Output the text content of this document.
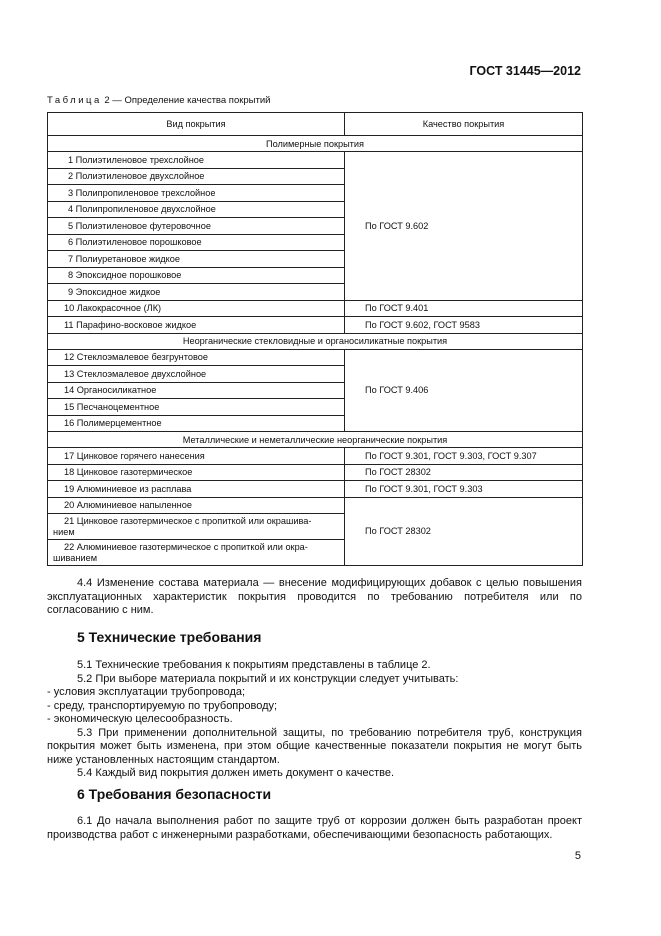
ГОСТ 31445—2012
Таблица 2 — Определение качества покрытий
Вид покрытия	Качество покрытия
Полимерные покрытия	
1 Полиэтиленовое трехслойное	По ГОСТ 9.602
2 Полиэтиленовое двухслойное	
3 Полипропиленовое трехслойное	
4 Полипропиленовое двухслойное	
5 Полиэтиленовое футеровочное	
6 Полиэтиленовое порошковое	
7 Полиуретановое жидкое	
8 Эпоксидное порошковое	
9 Эпоксидное жидкое	
10 Лакокрасочное (ЛК)	По ГОСТ 9.401
11 Парафино-восковое жидкое	По ГОСТ 9.602, ГОСТ 9583
Неорганические стекловидные и органосиликатные покрытия	
12 Стеклоэмалевое безгрунтовое	По ГОСТ 9.406
13 Стеклоэмалевое двухслойное	
14 Органосиликатное	
15 Песчаноцементное	
16 Полимерцементное	
Металлические и неметаллические неорганические покрытия	
17 Цинковое горячего нанесения	По ГОСТ 9.301, ГОСТ 9.303, ГОСТ 9.307
18 Цинковое газотермическое	По ГОСТ 28302
19 Алюминиевое из расплава	По ГОСТ 9.301, ГОСТ 9.303
20 Алюминиевое напыленное	По ГОСТ 28302
21 Цинковое газотермическое с пропиткой или окрашива-
нием	
22 Алюминиевое газотермическое с пропиткой или окра-
шиванием	

4.4 Изменение состава материала — внесение модифицирующих добавок с целью повышения эксплуатационных характеристик покрытия проводится по требованию потребителя или по согласованию с ним.

5 Технические требования

5.1 Технические требования к покрытиям представлены в таблице 2.

5.2 При выборе материала покрытий и их конструкции следует учитывать:

- условия эксплуатации трубопровода;

- среду, транспортируемую по трубопроводу;

- экономическую целесообразность.

5.3 При применении дополнительной защиты, по требованию потребителя труб, конструкция покрытия может быть изменена, при этом общие качественные показатели покрытия не могут быть ниже установленных настоящим стандартом.

5.4 Каждый вид покрытия должен иметь документ о качестве.

6 Требования безопасности

6.1 До начала выполнения работ по защите труб от коррозии должен быть разработан проект производства работ с инженерными разработками, обеспечивающими безопасность работающих.

5
